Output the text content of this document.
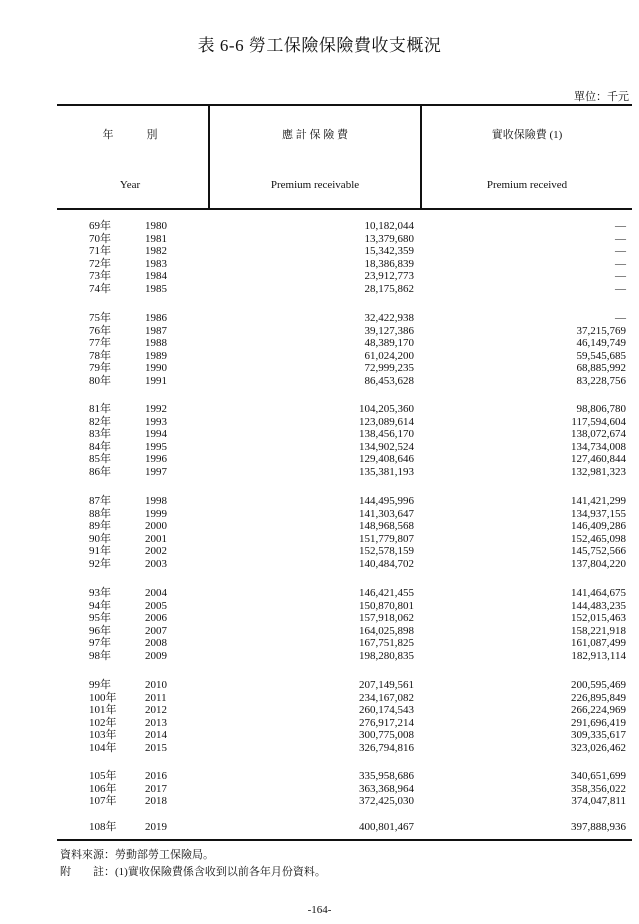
表 6-6 勞工保險保險費收支概況
單位：千元
年　　　別
Year
應 計 保 險 費
Premium receivable
實收保險費 (1)
Premium received
69年	1980	10,182,044	—
70年	1981	13,379,680	—
71年	1982	15,342,359	—
72年	1983	18,386,839	—
73年	1984	23,912,773	—
74年	1985	28,175,862	—
75年	1986	32,422,938	—
76年	1987	39,127,386	37,215,769
77年	1988	48,389,170	46,149,749
78年	1989	61,024,200	59,545,685
79年	1990	72,999,235	68,885,992
80年	1991	86,453,628	83,228,756
81年	1992	104,205,360	98,806,780
82年	1993	123,089,614	117,594,604
83年	1994	138,456,170	138,072,674
84年	1995	134,902,524	134,734,008
85年	1996	129,408,646	127,460,844
86年	1997	135,381,193	132,981,323
87年	1998	144,495,996	141,421,299
88年	1999	141,303,647	134,937,155
89年	2000	148,968,568	146,409,286
90年	2001	151,779,807	152,465,098
91年	2002	152,578,159	145,752,566
92年	2003	140,484,702	137,804,220
93年	2004	146,421,455	141,464,675
94年	2005	150,870,801	144,483,235
95年	2006	157,918,062	152,015,463
96年	2007	164,025,898	158,221,918
97年	2008	167,751,825	161,087,499
98年	2009	198,280,835	182,913,114
99年	2010	207,149,561	200,595,469
100年	2011	234,167,082	226,895,849
101年	2012	260,174,543	266,224,969
102年	2013	276,917,214	291,696,419
103年	2014	300,775,008	309,335,617
104年	2015	326,794,816	323,026,462
105年	2016	335,958,686	340,651,699
106年	2017	363,368,964	358,356,022
107年	2018	372,425,030	374,047,811
108年	2019	400,801,467	397,888,936
資料來源：勞動部勞工保險局。
附　　註：(1)實收保險費係含收到以前各年月份資料。
-164-
